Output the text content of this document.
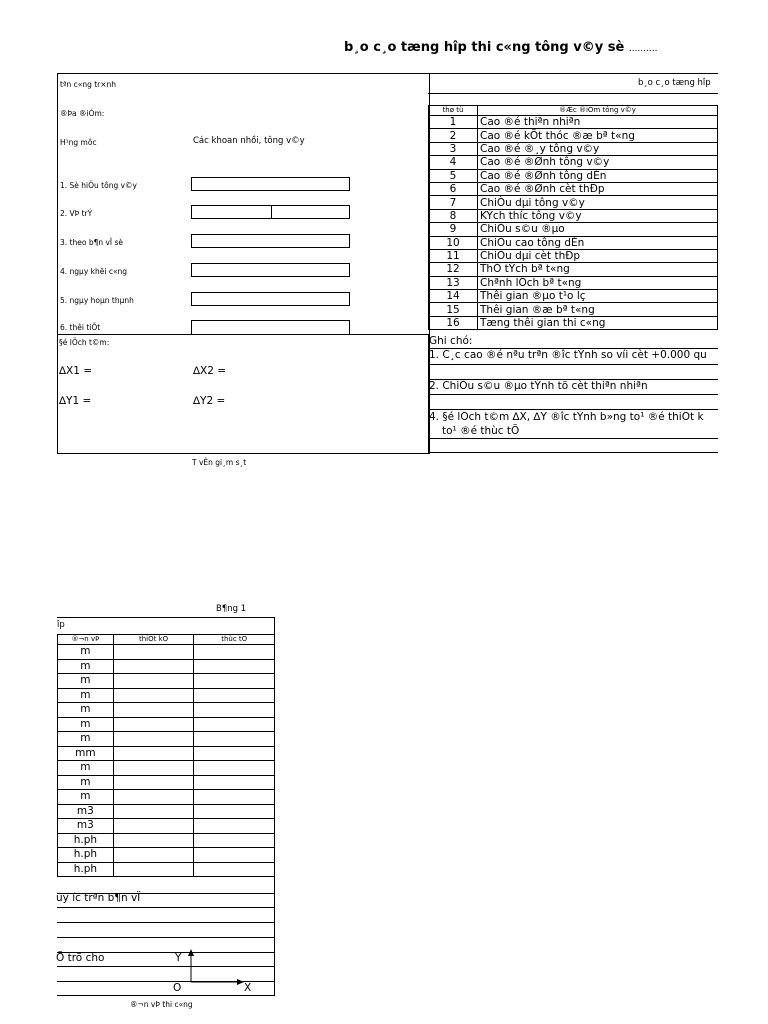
b¸o c¸o tæng hîp thi c«ng tông v©y sè ..........
tªn c«ng tr×nh
®Þa ®iÓm:
H¹ng môc	Các khoan nhồi, tông v©y
1. Sè hiÖu tông v©y
2. VÞ trÝ
3. theo b¶n vÏ sè
4. ngµy khëi c«ng
5. ngµy hoµn thµnh
6. thêi tiÕt
§é lÖch t©m:
∆X1 =	∆X2 =
∆Y1 =	∆Y2 =
T vÊn gi¸m s¸t
b¸o c¸o tæng hîp
thø tù	®Æc ®iÓm tông v©y
1	Cao ®é thiªn nhiªn
2	Cao ®é kÕt thóc ®æ bª t«ng
3	Cao ®é ®¸y tông v©y
4	Cao ®é ®Ønh tông v©y
5	Cao ®é ®Ønh tông dÉn
6	Cao ®é ®Ønh cèt thÐp
7	ChiÒu dµi tông v©y
8	KÝch thíc tông v©y
9	ChiÒu s©u ®µo
10	ChiÒu cao tông dÉn
11	ChiÒu dµi cèt thÐp
12	ThÓ tÝch bª t«ng
13	Chªnh lÖch bª t«ng
14	Thêi gian ®µo t¹o lç
15	Thêi gian ®æ bª t«ng
16	Tæng thêi gian thi c«ng
Ghi chó:
1. C¸c cao ®é nªu trªn ®îc tÝnh so víi cèt +0.000 qu
2. ChiÒu s©u ®µo tÝnh tõ cèt thiªn nhiªn
4. §é lÖch t©m ∆X, ∆Y ®îc tÝnh b»ng to¹ ®é thiÕt k
to¹ ®é thùc tÕ
B¶ng 1
îp
®¬n vÞ	thiÕt kÕ	thùc tÕ
m		
m		
m		
m		
m		
m		
m		
mm		
m		
m		
m		
m3		
m3		
h.ph		
h.ph		
h.ph		
uy íc trªn b¶n vÏ
Õ trõ cho	Y
O	X
®¬n vÞ thi c«ng
